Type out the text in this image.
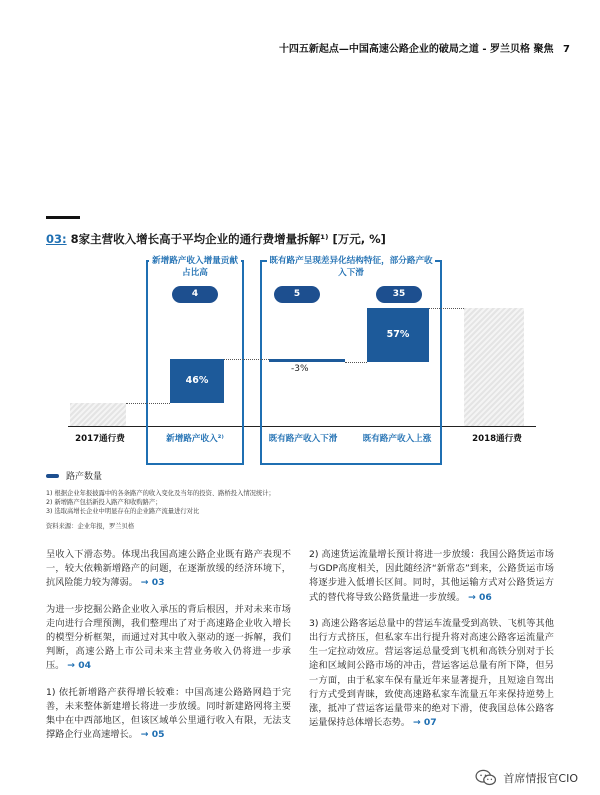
十四五新起点—中国高速公路企业的破局之道 - 罗兰贝格 聚焦 7
03: 8家主营收入增长高于平均企业的通行费增量拆解¹⁾ [万元, %]
新增路产收入增量贡献占比高
既有路产呈现差异化结构特征，部分路产收入下滑
46%
-3%
57%
4	5	35
2017通行费	新增路产收入²⁾	既有路产收入下滑	既有路产收入上涨	2018通行费
路产数量
1) 根据企业年报披露中的各条路产的收入变化及当年的投资、路桥投入情况统计；
2) 新增路产包括新投入路产和收购路产；
3) 选取高增长企业中明显存在的企业路产流量进行对比
资料来源：企业年报，罗兰贝格

呈收入下滑态势。体现出我国高速公路企业既有路产表现不一，较大依赖新增路产的问题，在逐渐放缓的经济环境下，抗风险能力较为薄弱。 → 03

为进一步挖掘公路企业收入承压的背后根因，并对未来市场走向进行合理预测，我们整理出了对于高速路企业收入增长的模型分析框架，而通过对其中收入驱动的逐一拆解，我们判断，高速公路上市公司未来主营业务收入仍将进一步承压。 → 04

1) 依托新增路产获得增长较难：中国高速公路路网趋于完善，未来整体新建增长将进一步放缓。同时新建路网将主要集中在中西部地区，但该区域单公里通行收入有限，无法支撑路企行业高速增长。 → 05

2) 高速货运流量增长预计将进一步放缓：我国公路货运市场与GDP高度相关，因此随经济“新常态”到来，公路货运市场将逐步进入低增长区间。同时，其他运输方式对公路货运方式的替代将导致公路货量进一步放缓。 → 06

3) 高速公路客运总量中的营运车流量受到高铁、飞机等其他出行方式挤压，但私家车出行提升将对高速公路客运流量产生一定拉动效应。营运客运总量受到飞机和高铁分别对于长途和区域间公路市场的冲击，营运客运总量有所下降，但另一方面，由于私家车保有量近年来显著提升，且短途自驾出行方式受到青睐，致使高速路私家车流量五年来保持逆势上涨，抵冲了营运客运量带来的绝对下滑，使我国总体公路客运量保持总体增长态势。 → 07

首席情报官CIO
